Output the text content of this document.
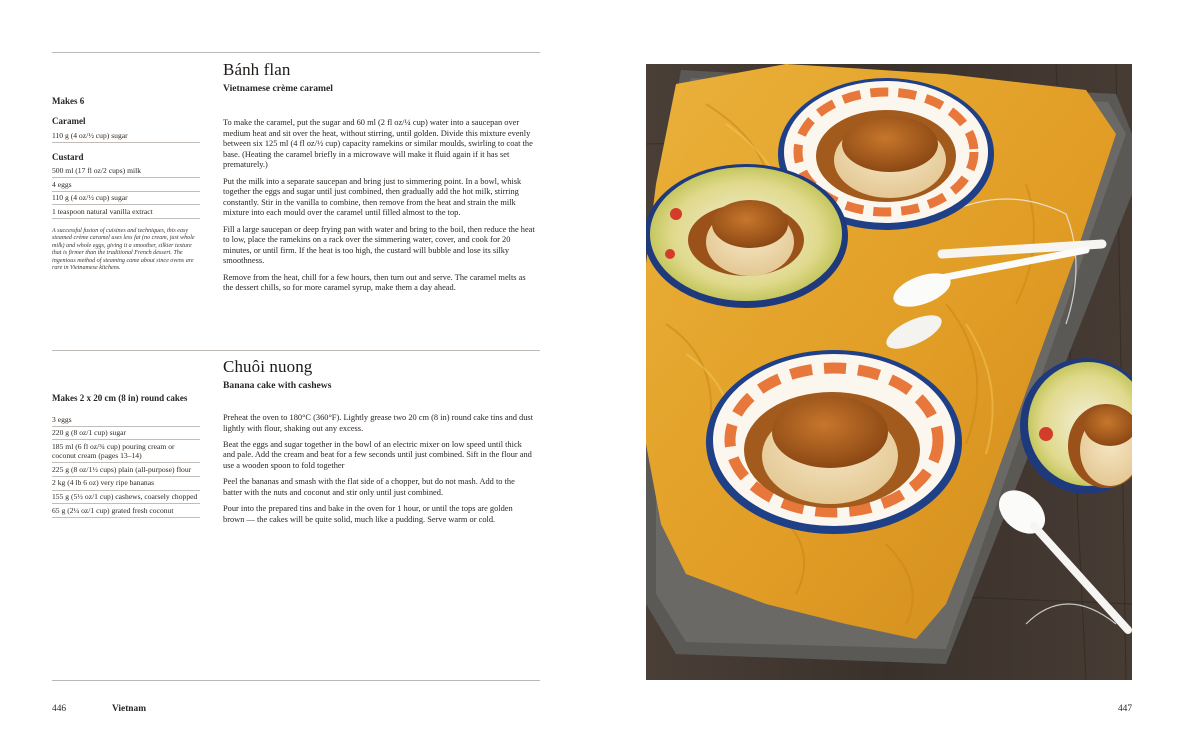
Bánh flan
Vietnamese crème caramel
Makes 6
Caramel
110 g (4 oz/½ cup) sugar
Custard
500 ml (17 fl oz/2 cups) milk
4 eggs
110 g (4 oz/½ cup) sugar
1 teaspoon natural vanilla extract
A successful fusion of cuisines and techniques, this easy steamed crème caramel uses less fat (no cream, just whole milk) and whole eggs, giving it a smoother, silkier texture that is firmer than the traditional French dessert. The ingenious method of steaming came about since ovens are rare in Vietnamese kitchens.

To make the caramel, put the sugar and 60 ml (2 fl oz/¼ cup) water into a saucepan over medium heat and sit over the heat, without stirring, until golden. Divide this mixture evenly between six 125 ml (4 fl oz/½ cup) capacity ramekins or similar moulds, swirling to coat the base. (Heating the caramel briefly in a microwave will make it fluid again if it has set prematurely.)

Put the milk into a separate saucepan and bring just to simmering point. In a bowl, whisk together the eggs and sugar until just combined, then gradually add the hot milk, stirring constantly. Stir in the vanilla to combine, then remove from the heat and strain the milk mixture into each mould over the caramel until filled almost to the top.

Fill a large saucepan or deep frying pan with water and bring to the boil, then reduce the heat to low, place the ramekins on a rack over the simmering water, cover, and cook for 20 minutes, or until firm. If the heat is too high, the custard will bubble and lose its silky smoothness.

Remove from the heat, chill for a few hours, then turn out and serve. The caramel melts as the dessert chills, so for more caramel syrup, make them a day ahead.

Chuôi nuong
Banana cake with cashews
Makes 2 x 20 cm (8 in) round cakes
3 eggs
220 g (8 oz/1 cup) sugar
185 ml (6 fl oz/¾ cup) pouring cream or coconut cream (pages 13–14)
225 g (8 oz/1½ cups) plain (all-purpose) flour
2 kg (4 lb 6 oz) very ripe bananas
155 g (5½ oz/1 cup) cashews, coarsely chopped
65 g (2¼ oz/1 cup) grated fresh coconut

Preheat the oven to 180°C (360°F). Lightly grease two 20 cm (8 in) round cake tins and dust lightly with flour, shaking out any excess.

Beat the eggs and sugar together in the bowl of an electric mixer on low speed until thick and pale. Add the cream and beat for a few seconds until just combined. Sift in the flour and use a wooden spoon to fold together

Peel the bananas and smash with the flat side of a chopper, but do not mash. Add to the batter with the nuts and coconut and stir only until just combined.

Pour into the prepared tins and bake in the oven for 1 hour, or until the tops are golden brown — the cakes will be quite solid, much like a pudding. Serve warm or cold.

446	Vietnam	447
